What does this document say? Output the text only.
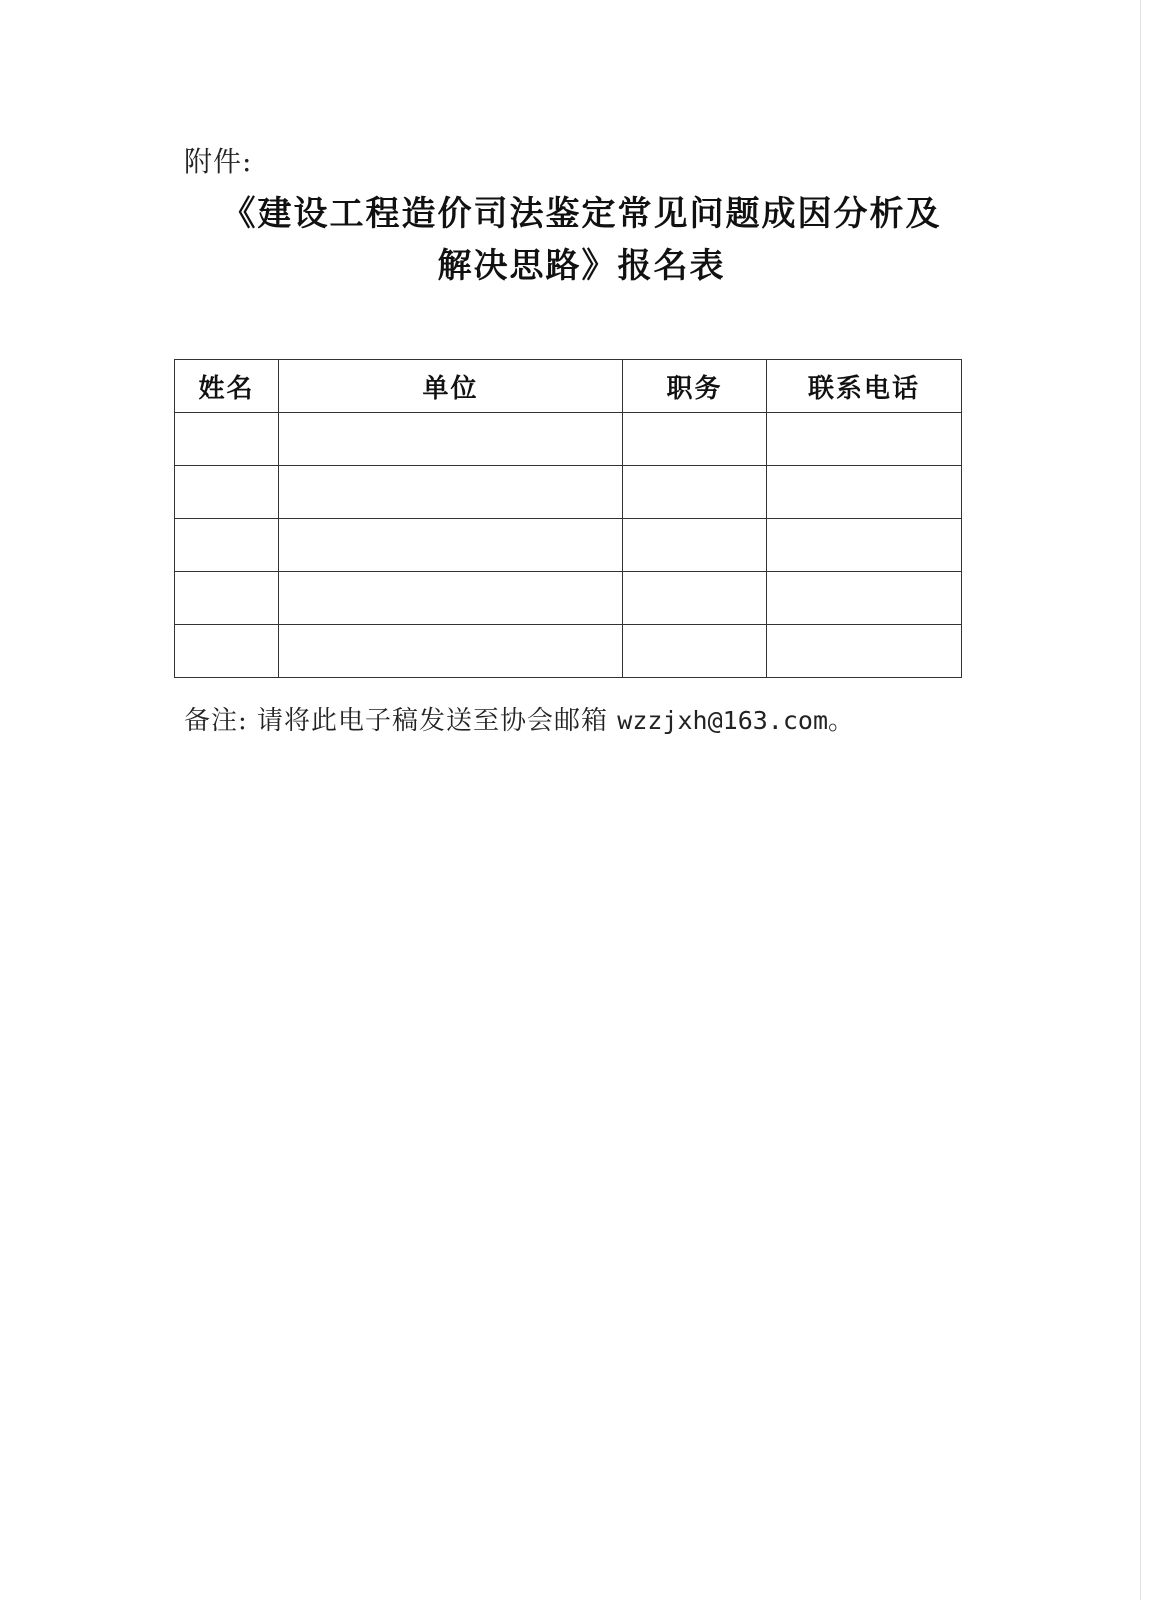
附件:
《建设工程造价司法鉴定常见问题成因分析及
解决思路》报名表
姓名	单位	职务	联系电话

备注: 请将此电子稿发送至协会邮箱 wzzjxh@163.com。
